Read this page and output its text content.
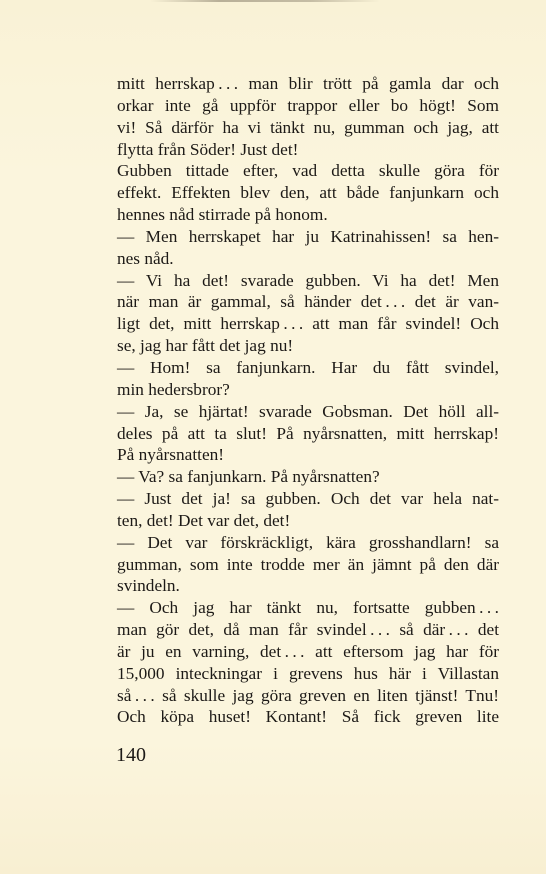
mitt herrskap . . . man blir trött på gamla dar och
orkar inte gå uppför trappor eller bo högt! Som
vi! Så därför ha vi tänkt nu, gumman och jag, att
flytta från Söder! Just det!
Gubben tittade efter, vad detta skulle göra för
effekt. Effekten blev den, att både fanjunkarn och
hennes nåd stirrade på honom.
— Men herrskapet har ju Katrinahissen! sa hen-
nes nåd.
— Vi ha det! svarade gubben. Vi ha det! Men
när man är gammal, så händer det . . . det är van-
ligt det, mitt herrskap . . . att man får svindel! Och
se, jag har fått det jag nu!
— Hom! sa fanjunkarn. Har du fått svindel,
min hedersbror?
— Ja, se hjärtat! svarade Gobsman. Det höll all-
deles på att ta slut! På nyårsnatten, mitt herrskap!
På nyårsnatten!
— Va? sa fanjunkarn. På nyårsnatten?
— Just det ja! sa gubben. Och det var hela nat-
ten, det! Det var det, det!
— Det var förskräckligt, kära grosshandlarn! sa
gumman, som inte trodde mer än jämnt på den där
svindeln.
— Och jag har tänkt nu, fortsatte gubben . . .
man gör det, då man får svindel . . . så där . . . det
är ju en varning, det . . . att eftersom jag har för
15,000 inteckningar i grevens hus här i Villastan
så . . . så skulle jag göra greven en liten tjänst! Tnu!
Och köpa huset! Kontant! Så fick greven lite
140
